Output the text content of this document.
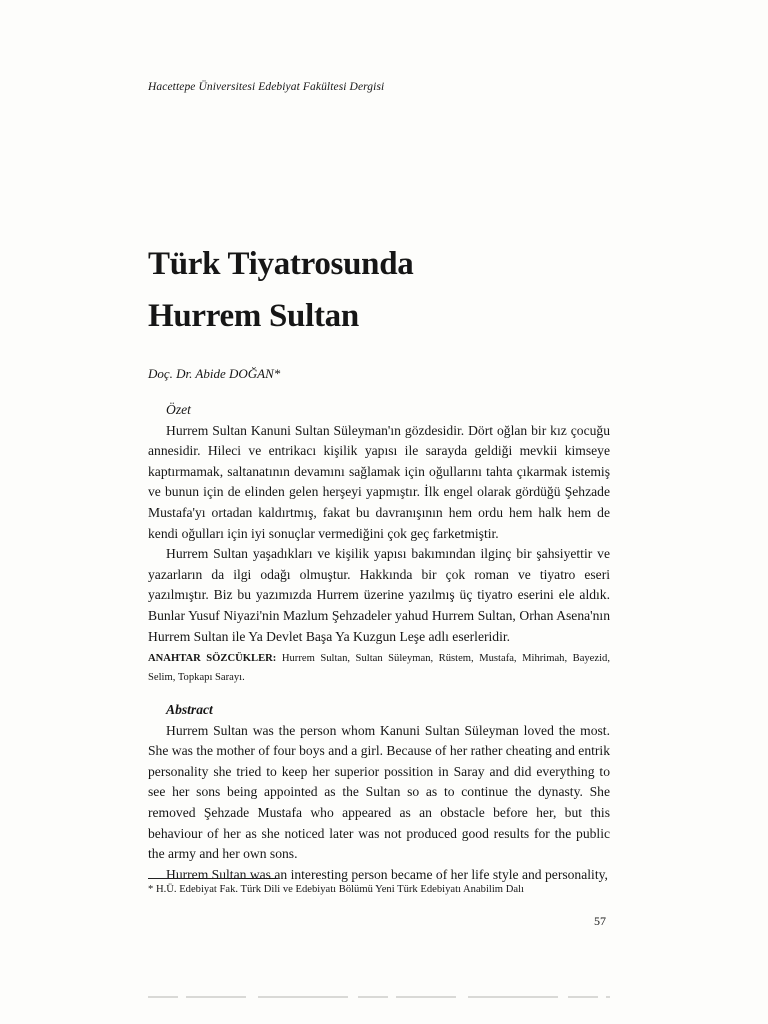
Hacettepe Üniversitesi Edebiyat Fakültesi Dergisi
Türk Tiyatrosunda
Hurrem Sultan
Doç. Dr. Abide DOĞAN*
Özet

Hurrem Sultan Kanuni Sultan Süleyman'ın gözdesidir. Dört oğlan bir kız çocuğu annesidir. Hileci ve entrikacı kişilik yapısı ile sarayda geldiği mevkii kimseye kaptırmamak, saltanatının devamını sağlamak için oğullarını tahta çıkarmak istemiş ve bunun için de elinden gelen herşeyi yapmıştır. İlk engel olarak gördüğü Şehzade Mustafa'yı ortadan kaldırtmış, fakat bu davranışının hem ordu hem halk hem de kendi oğulları için iyi sonuçlar vermediğini çok geç farketmiştir.

Hurrem Sultan yaşadıkları ve kişilik yapısı bakımından ilginç bir şahsiyettir ve yazarların da ilgi odağı olmuştur. Hakkında bir çok roman ve tiyatro eseri yazılmıştır. Biz bu yazımızda Hurrem üzerine yazılmış üç tiyatro eserini ele aldık. Bunlar Yusuf Niyazi'nin Mazlum Şehzadeler yahud Hurrem Sultan, Orhan Asena'nın Hurrem Sultan ile Ya Devlet Başa Ya Kuzgun Leşe adlı eserleridir.

ANAHTAR SÖZCÜKLER: Hurrem Sultan, Sultan Süleyman, Rüstem, Mustafa, Mihrimah, Bayezid, Selim, Topkapı Sarayı.
Abstract

Hurrem Sultan was the person whom Kanuni Sultan Süleyman loved the most. She was the mother of four boys and a girl. Because of her rather cheating and entrik personality she tried to keep her superior possition in Saray and did everything to see her sons being appointed as the Sultan so as to continue the dynasty. She removed Şehzade Mustafa who appeared as an obstacle before her, but this behaviour of her as she noticed later was not produced good results for the public the army and her own sons.

Hurrem Sultan was an interesting person became of her life style and personality,

* H.Ü. Edebiyat Fak. Türk Dili ve Edebiyatı Bölümü Yeni Türk Edebiyatı Anabilim Dalı
57
